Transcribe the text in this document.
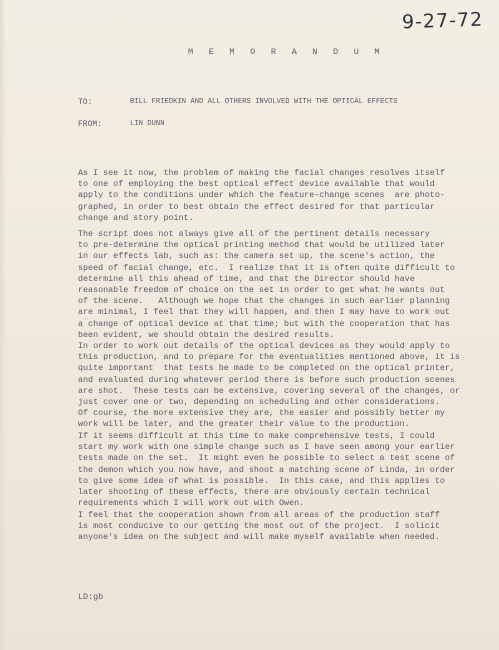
9-27-72
M E M O R A N D U M
TO:	BILL FRIEDKIN AND ALL OTHERS INVOLVED WITH THE OPTICAL EFFECTS
FROM:	LIN DUNN
As I see it now, the problem of making the facial changes resolves itself
to one of employing the best optical effect device available that would
apply to the conditions under which the feature-change scenes  are photo-
graphed, in order to best obtain the effect desired for that particular
change and story point.
The script does not always give all of the pertinent details necessary
to pre-determine the optical printing method that would be utilized later
in our effects lab, such as: the camera set up, the scene's action, the
speed of facial change, etc.  I realize that it is often quite difficult to
determine all this ahead of time, and that the Director should have
reasonable freedom of choice on the set in order to get what he wants out
of the scene.   Although we hope that the changes in such earlier planning
are minimal, I feel that they will happen, and then I may have to work out
a change of optical device at that time; but with the cooperation that has
been evident, we should obtain the desired results.
In order to work out details of the optical devices as they would apply to
this production, and to prepare for the eventualities mentioned above, it is
quite important  that tests be made to be completed on the optical printer,
and evaluated during whatever period there is before such production scenes
are shot.  These tests can be extensive, covering several of the changes, or
just cover one or two, depending on scheduling and other considerations.
Of course, the more extensive they are, the easier and possibly better my
work will be later, and the greater their value to the production.
If it seems difficult at this time to make comprehensive tests, I could
start my work with one simple change such as I have seen among your earlier
tests made on the set.  It might even be possible to select a test scene of
the demon which you now have, and shoot a matching scene of Linda, in order
to give some idea of what is possible.  In this case, and this applies to
later shooting of these effects, there are obviously certain technical
requirements which I will work out with Owen.
I feel that the cooperation shown from all areas of the production staff
is most conducive to our getting the most out of the project.  I solicit
anyone's idea on the subject and will make myself available when needed.
LD:gb
